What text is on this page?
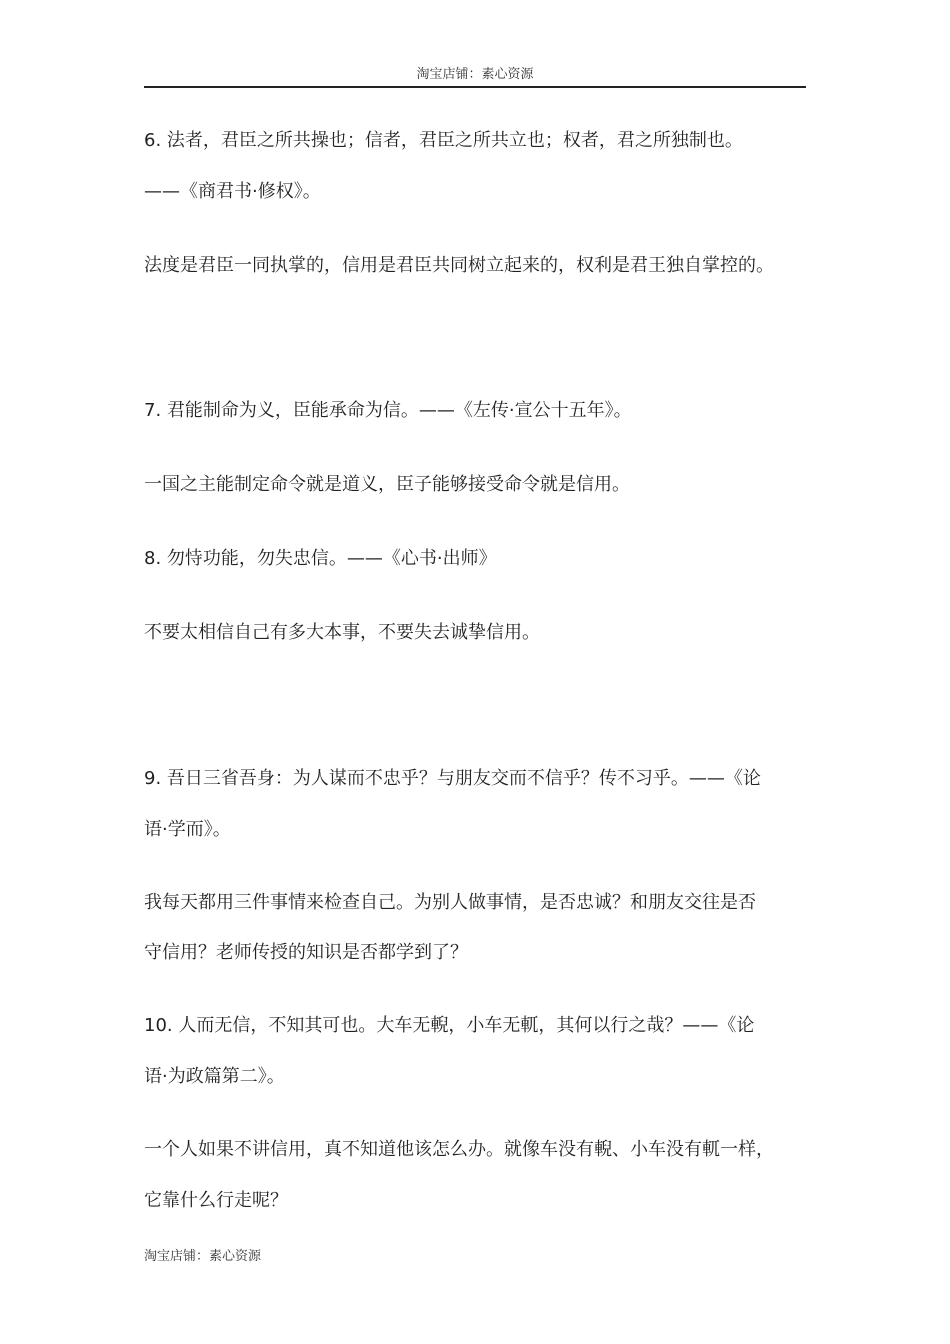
淘宝店铺：素心资源
6. 法者，君臣之所共操也；信者，君臣之所共立也；权者，君之所独制也。
——《商君书·修权》。
法度是君臣一同执掌的，信用是君臣共同树立起来的，权利是君王独自掌控的。
7. 君能制命为义，臣能承命为信。——《左传·宣公十五年》。
一国之主能制定命令就是道义，臣子能够接受命令就是信用。
8. 勿恃功能，勿失忠信。——《心书·出师》
不要太相信自己有多大本事，不要失去诚挚信用。
9. 吾日三省吾身：为人谋而不忠乎？与朋友交而不信乎？传不习乎。——《论
语·学而》。
我每天都用三件事情来检查自己。为别人做事情，是否忠诚？和朋友交往是否
守信用？老师传授的知识是否都学到了？
10. 人而无信，不知其可也。大车无輗，小车无軏，其何以行之哉？——《论
语·为政篇第二》。
一个人如果不讲信用，真不知道他该怎么办。就像车没有輗、小车没有軏一样，
它靠什么行走呢？
淘宝店铺：素心资源
